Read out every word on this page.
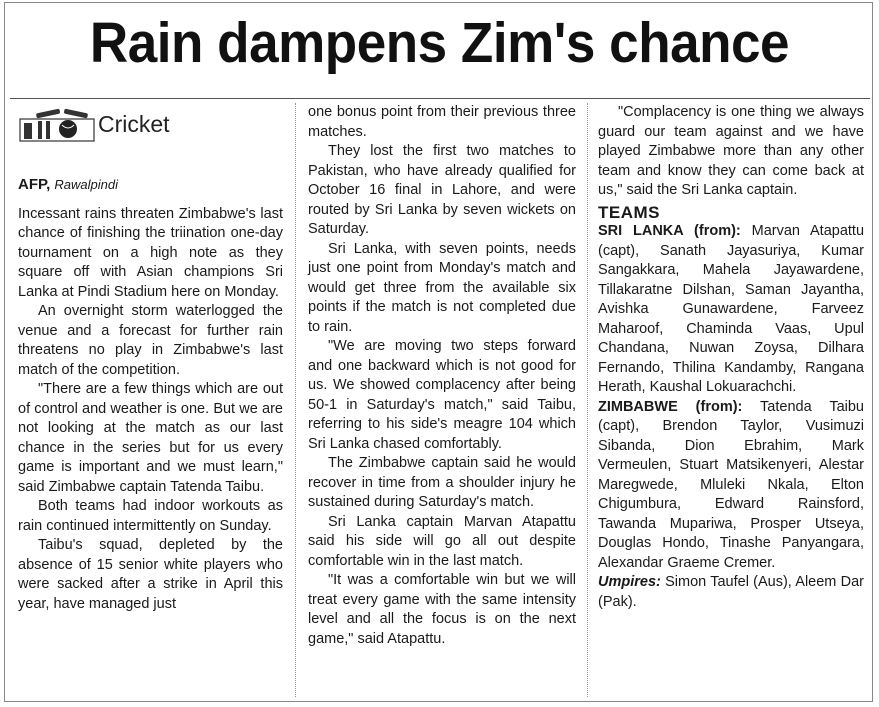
Rain dampens Zim's chance
Cricket
AFP, Rawalpindi

Incessant rains threaten Zimbabwe's last chance of finishing the triination one-day tournament on a high note as they square off with Asian champions Sri Lanka at Pindi Stadium here on Monday.

An overnight storm waterlogged the venue and a forecast for further rain threatens no play in Zimbabwe's last match of the competition.

"There are a few things which are out of control and weather is one. But we are not looking at the match as our last chance in the series but for us every game is important and we must learn," said Zimbabwe captain Tatenda Taibu.

Both teams had indoor workouts as rain continued intermittently on Sunday.

Taibu's squad, depleted by the absence of 15 senior white players who were sacked after a strike in April this year, have managed just

one bonus point from their previous three matches.

They lost the first two matches to Pakistan, who have already qualified for October 16 final in Lahore, and were routed by Sri Lanka by seven wickets on Saturday.

Sri Lanka, with seven points, needs just one point from Monday's match and would get three from the available six points if the match is not completed due to rain.

"We are moving two steps forward and one backward which is not good for us. We showed complacency after being 50-1 in Saturday's match," said Taibu, referring to his side's meagre 104 which Sri Lanka chased comfortably.

The Zimbabwe captain said he would recover in time from a shoulder injury he sustained during Saturday's match.

Sri Lanka captain Marvan Atapattu said his side will go all out despite comfortable win in the last match.

"It was a comfortable win but we will treat every game with the same intensity level and all the focus is on the next game," said Atapattu.

"Complacency is one thing we always guard our team against and we have played Zimbabwe more than any other team and know they can come back at us," said the Sri Lanka captain.

TEAMS

SRI LANKA (from): Marvan Atapattu (capt), Sanath Jayasuriya, Kumar Sangakkara, Mahela Jayawardene, Tillakaratne Dilshan, Saman Jayantha, Avishka Gunawardene, Farveez Maharoof, Chaminda Vaas, Upul Chandana, Nuwan Zoysa, Dilhara Fernando, Thilina Kandamby, Rangana Herath, Kaushal Lokuarachchi.

ZIMBABWE (from): Tatenda Taibu (capt), Brendon Taylor, Vusimuzi Sibanda, Dion Ebrahim, Mark Vermeulen, Stuart Matsikenyeri, Alestar Maregwede, Mluleki Nkala, Elton Chigumbura, Edward Rainsford, Tawanda Mupariwa, Prosper Utseya, Douglas Hondo, Tinashe Panyangara, Alexandar Graeme Cremer.

Umpires: Simon Taufel (Aus), Aleem Dar (Pak).
